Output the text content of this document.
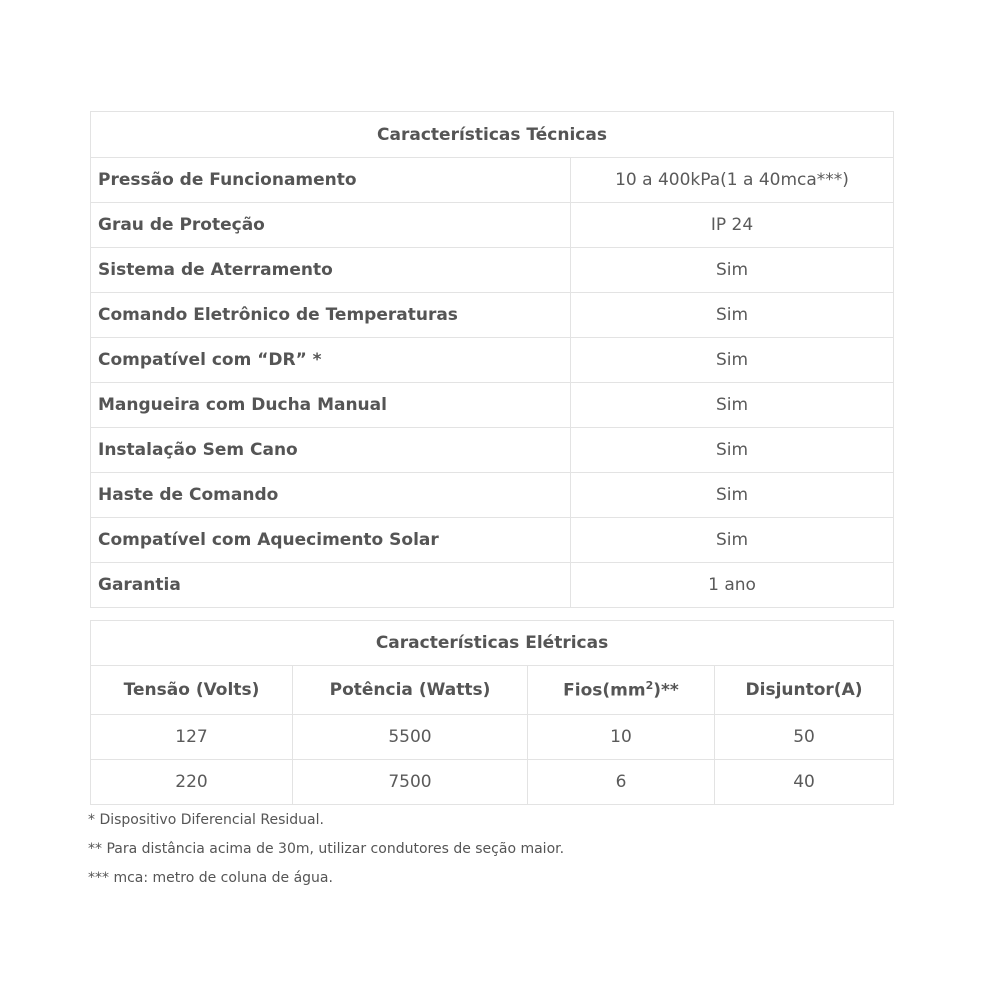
Características Técnicas	
Pressão de Funcionamento	10 a 400kPa(1 a 40mca***)
Grau de Proteção	IP 24
Sistema de Aterramento	Sim
Comando Eletrônico de Temperaturas	Sim
Compatível com “DR” *	Sim
Mangueira com Ducha Manual	Sim
Instalação Sem Cano	Sim
Haste de Comando	Sim
Compatível com Aquecimento Solar	Sim
Garantia	1 ano
Características Elétricas			
Tensão (Volts)	Potência (Watts)	$Fios(mm^2)**$	Disjuntor(A)
127	5500	10	50
220	7500	6	40
* Dispositivo Diferencial Residual.
** Para distância acima de 30m, utilizar condutores de seção maior.
*** mca: metro de coluna de água.
